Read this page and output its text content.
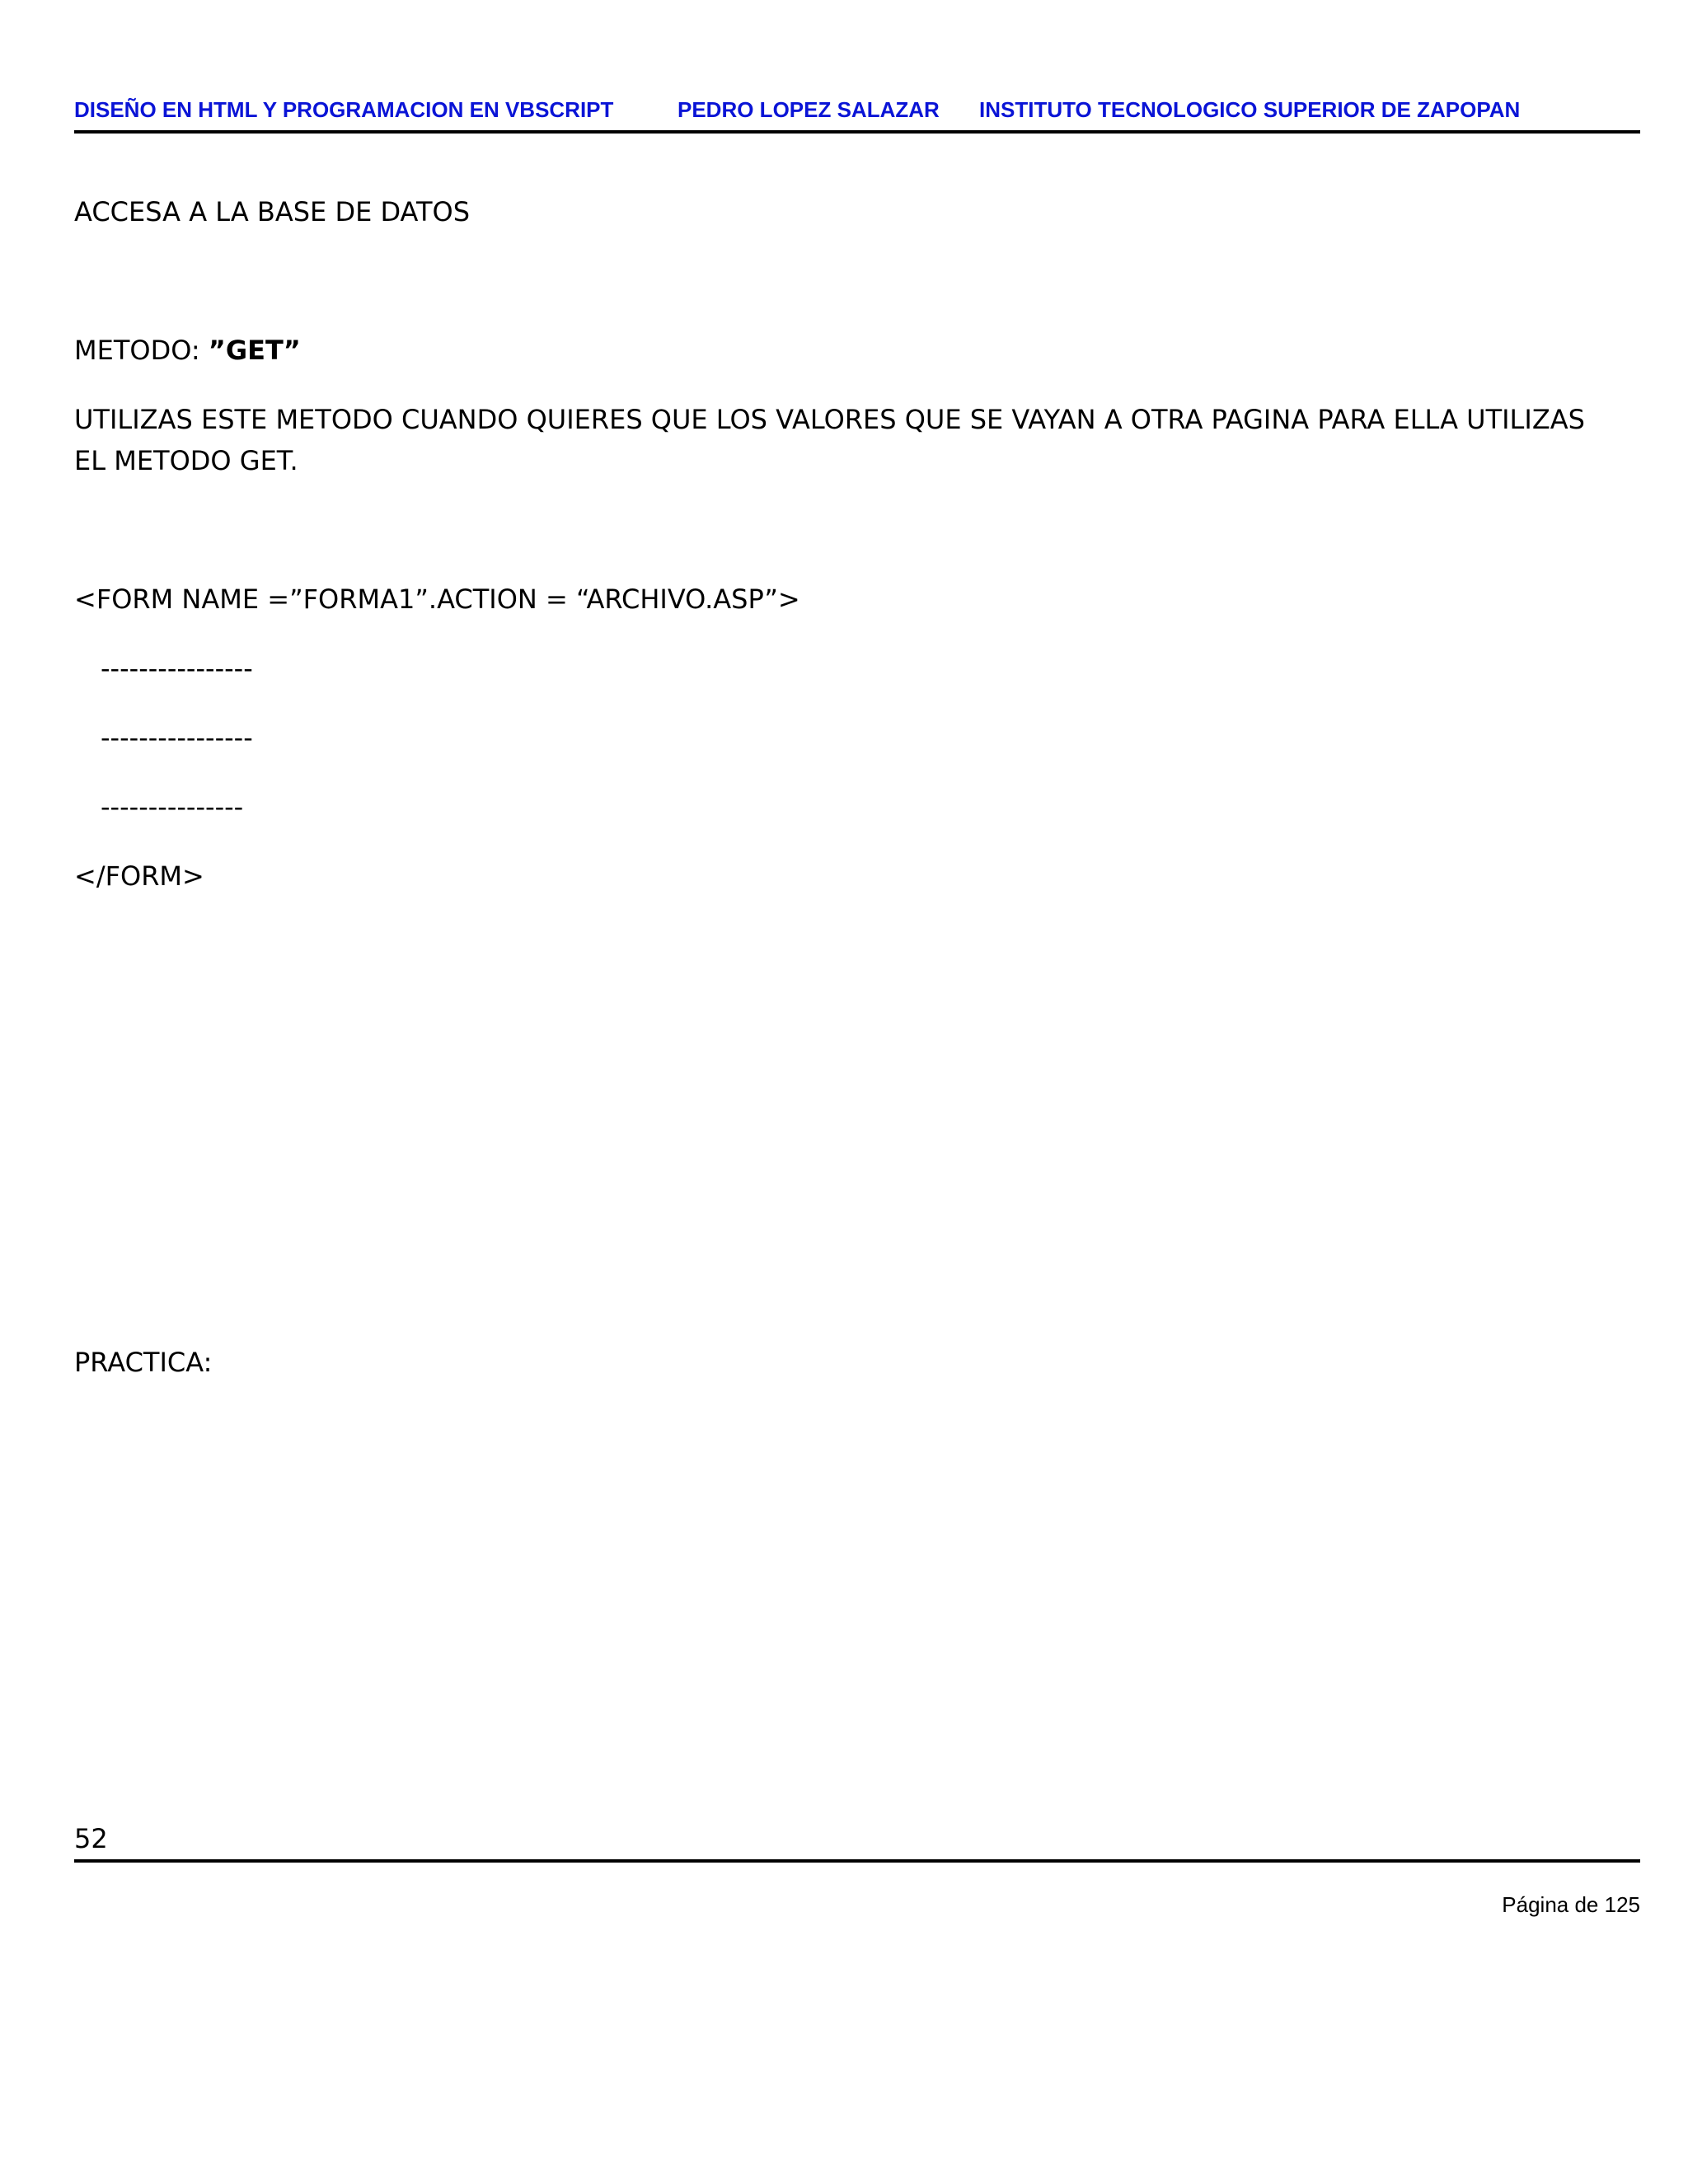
DISEÑO EN HTML Y PROGRAMACION EN VBSCRIPT	PEDRO LOPEZ SALAZAR INSTITUTO TECNOLOGICO SUPERIOR DE ZAPOPAN
ACCESA A LA BASE DE DATOS
METODO: ”GET”
UTILIZAS ESTE METODO CUANDO QUIERES QUE LOS VALORES QUE SE VAYAN A OTRA PAGINA PARA ELLA UTILIZAS EL METODO GET.
<FORM NAME =”FORMA1”.ACTION = “ARCHIVO.ASP”>
----------------
----------------
---------------
</FORM>
PRACTICA:
52
Página de 125
